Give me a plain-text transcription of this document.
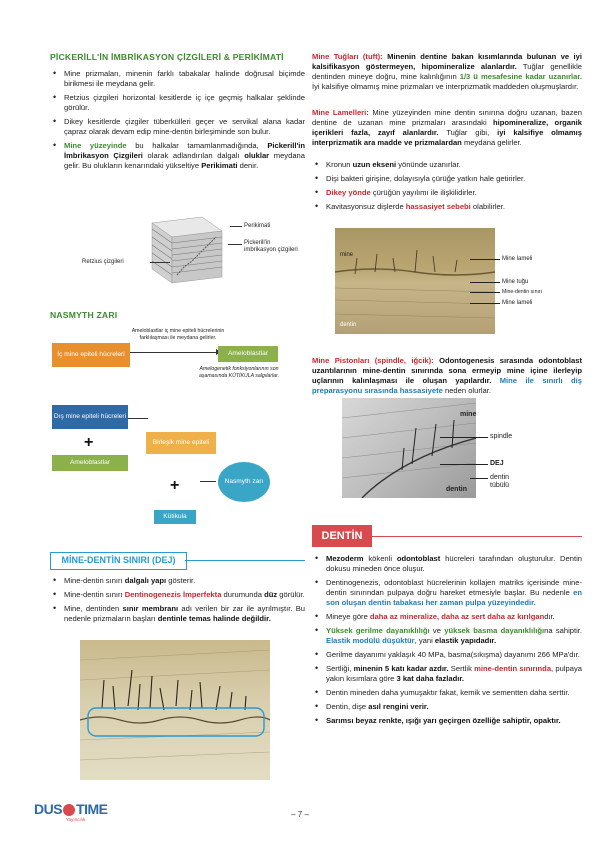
PİCKERİLL'İN İMBRİKASYON ÇİZGİLERİ & PERİKİMATİ
• Mine prizmaları, minenin farklı tabakalar halinde doğrusal biçimde birikmesi ile meydana gelir.
• Retzius çizgileri horizontal kesitlerde iç içe geçmiş halkalar şeklinde görülür.
• Dikey kesitlerde çizgiler tüberkülleri geçer ve servikal alana kadar çapraz olarak devam edip mine-dentin birleşiminde son bulur.
• Mine yüzeyinde bu halkalar tamamlanmadığında, Pickerill'in İmbrikasyon Çizgileri olarak adlandırılan dalgalı oluklar meydana gelir. Bu olukların kenarındaki yükseltiye Perikimati denir.
Perikimati
Pickerill'in imbrikasyon çizgileri
Retzius çizgileri
NASMYTH ZARI
Ameloblastlar iç mine epiteli hücrelerinin farklılaşması ile meydana gelirler.
İç mine epiteli hücreleri	Ameloblastlar
Amelogenetik fonksiyonlarının son aşamasında KÜTİKULA salgılarlar.
Dış mine epiteli hücreleri
+	Birleşik mine epiteli
Ameloblastlar
+	Nasmyth zarı
Kütikula
MİNE-DENTİN SINIRI (DEJ)
• Mine-dentin sınırı dalgalı yapı gösterir.
• Mine-dentin sınırı Dentinogenezis İmperfekta durumunda düz görülür.
• Mine, dentinden sınır membranı adı verilen bir zar ile ayrılmıştır. Bu nedenle prizmaların başları dentinle temas halinde değildir.
Mine Tuğları (tuft): Minenin dentine bakan kısımlarında bulunan ve iyi kalsifikasyon göstermeyen, hipomineralize alanlardır. Tuğlar genellikle dentinden mineye doğru, mine kalınlığının 1/3 ü mesafesine kadar uzanırlar. İyi kalsifiye olmamış mine prizmaları ve interprizmatik maddeden oluşmuşlardır.
Mine Lamelleri: Mine yüzeyinden mine dentin sınırına doğru uzanan, bazen dentine de uzanan mine prizmaları arasındaki hipomineralize, organik içerikleri fazla, zayıf alanlardır. Tuğlar gibi, iyi kalsifiye olmamış interprizmatik ara madde ve prizmalardan meydana gelirler.
• Kronun uzun ekseni yönünde uzanırlar.
• Dişi bakteri girişine, dolayısıyla çürüğe yatkın hale getirirler.
• Dikey yönde çürüğün yayılımı ile ilişkilidirler.
• Kavitasyonsuz dişlerde hassasiyet sebebi olabilirler.
mine
dentin
Mine lameli
Mine tuğu
Mine-dentin sınırı
Mine lameli
Mine Pistonları (spindle, iğcik): Odontogenesis sırasında odontoblast uzantılarının mine-dentin sınırında sona ermeyip mine içine ilerleyip uçlarının kalınlaşması ile oluşan yapılardır. Mine ile sınırlı diş preparasyonu sırasında hassasiyete neden olurlar.
mine
spindle
DEJ
dentin
dentin tübülü
DENTİN
• Mezoderm kökenli odontoblast hücreleri tarafından oluşturulur. Dentin dokusu mineden önce oluşur.
• Dentinogenezis, odontoblast hücrelerinin kollajen matriks içerisinde mine-dentin sınırından pulpaya doğru hareket etmesiyle başlar. Bu nedenle en son oluşan dentin tabakası her zaman pulpa yüzeyindedir.
• Mineye göre daha az mineralize, daha az sert daha az kırılgandır.
• Yüksek gerilme dayanıklılığı ve yüksek basma dayanıklılığına sahiptir. Elastik modülü düşüktür, yani elastik yapıdadır.
• Gerilme dayanımı yaklaşık 40 MPa, basma(sıkışma) dayanımı 266 MPa'dır.
• Sertliği, minenin 5 katı kadar azdır. Sertlik mine-dentin sınırında, pulpaya yakın kısımlara göre 3 kat daha fazladır.
• Dentin mineden daha yumuşaktır fakat, kemik ve sementten daha serttir.
• Dentin, dişe asıl rengini verir.
• Sarımsı beyaz renkte, ışığı yarı geçirgen özelliğe sahiptir, opaktır.
DUS TIME
Yayıncılık
– 7 –
